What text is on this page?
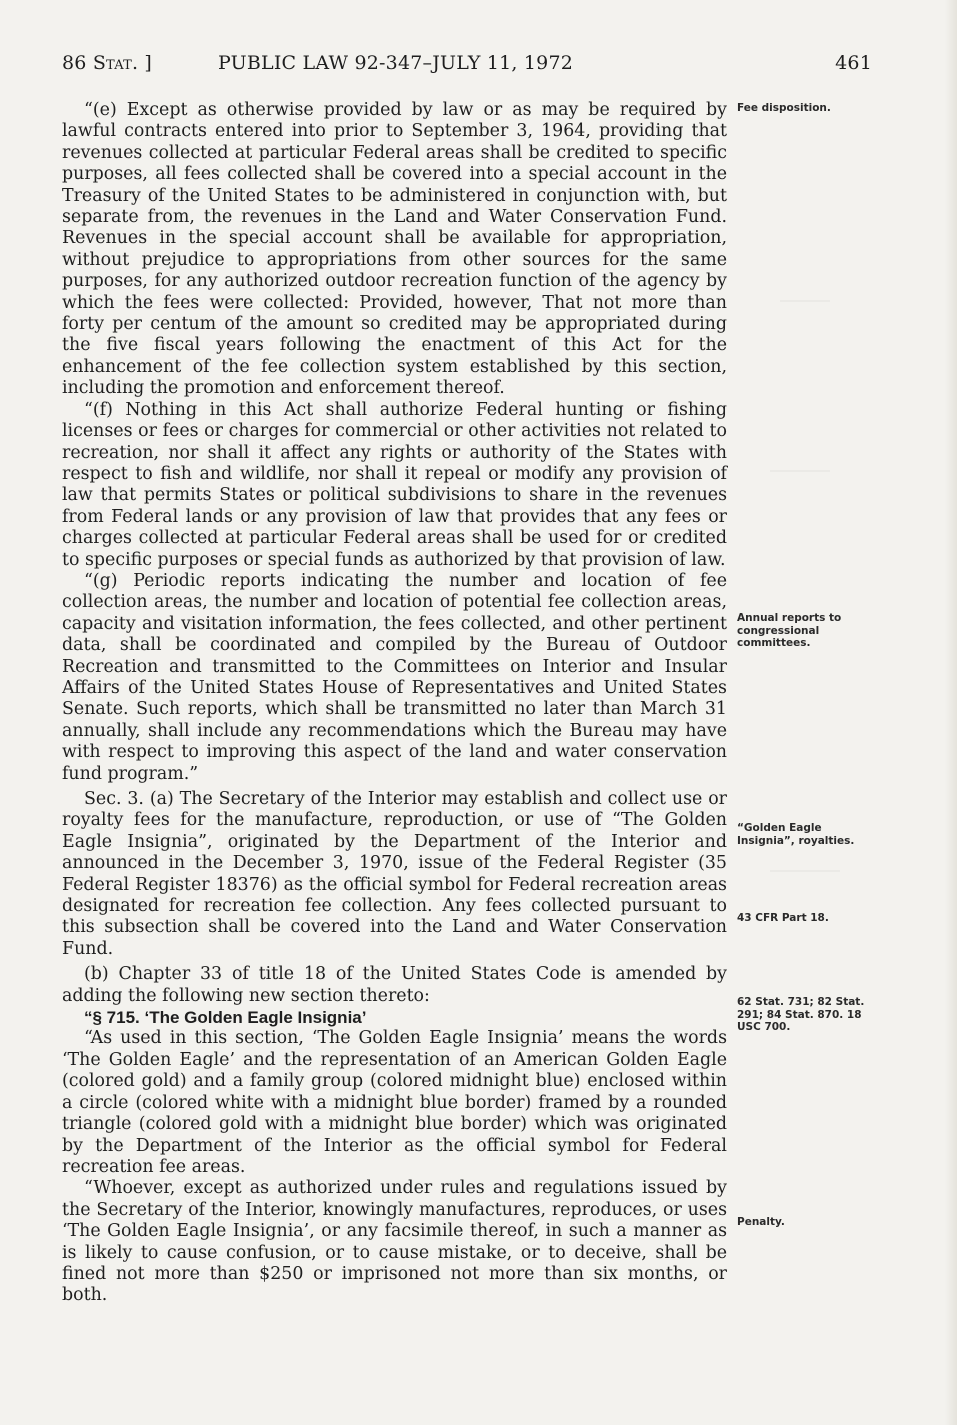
86 Stat. ]	PUBLIC LAW 92-347–JULY 11, 1972	461

“(e) Except as otherwise provided by law or as may be required by lawful contracts entered into prior to September 3, 1964, providing that revenues collected at particular Federal areas shall be credited to specific purposes, all fees collected shall be covered into a special account in the Treasury of the United States to be administered in conjunction with, but separate from, the revenues in the Land and Water Conservation Fund. Revenues in the special account shall be available for appropriation, without prejudice to appropriations from other sources for the same purposes, for any authorized outdoor recreation function of the agency by which the fees were collected: Provided, however, That not more than forty per centum of the amount so credited may be appropriated during the five fiscal years following the enactment of this Act for the enhancement of the fee collection system established by this section, including the promotion and enforcement thereof.

“(f) Nothing in this Act shall authorize Federal hunting or fishing licenses or fees or charges for commercial or other activities not related to recreation, nor shall it affect any rights or authority of the States with respect to fish and wildlife, nor shall it repeal or modify any provision of law that permits States or political subdivisions to share in the revenues from Federal lands or any provision of law that provides that any fees or charges collected at particular Federal areas shall be used for or credited to specific purposes or special funds as authorized by that provision of law.

“(g) Periodic reports indicating the number and location of fee collection areas, the number and location of potential fee collection areas, capacity and visitation information, the fees collected, and other pertinent data, shall be coordinated and compiled by the Bureau of Outdoor Recreation and transmitted to the Committees on Interior and Insular Affairs of the United States House of Representatives and United States Senate. Such reports, which shall be transmitted no later than March 31 annually, shall include any recommendations which the Bureau may have with respect to improving this aspect of the land and water conservation fund program.”

Sec. 3. (a) The Secretary of the Interior may establish and collect use or royalty fees for the manufacture, reproduction, or use of “The Golden Eagle Insignia”, originated by the Department of the Interior and announced in the December 3, 1970, issue of the Federal Register (35 Federal Register 18376) as the official symbol for Federal recreation areas designated for recreation fee collection. Any fees collected pursuant to this subsection shall be covered into the Land and Water Conservation Fund.

(b) Chapter 33 of title 18 of the United States Code is amended by adding the following new section thereto:

“§ 715. ‘The Golden Eagle Insignia’

“As used in this section, ‘The Golden Eagle Insignia’ means the words ‘The Golden Eagle’ and the representation of an American Golden Eagle (colored gold) and a family group (colored midnight blue) enclosed within a circle (colored white with a midnight blue border) framed by a rounded triangle (colored gold with a midnight blue border) which was originated by the Department of the Interior as the official symbol for Federal recreation fee areas.

“Whoever, except as authorized under rules and regulations issued by the Secretary of the Interior, knowingly manufactures, reproduces, or uses ‘The Golden Eagle Insignia’, or any facsimile thereof, in such a manner as is likely to cause confusion, or to cause mistake, or to deceive, shall be fined not more than $250 or imprisoned not more than six months, or both.

Fee disposition.
Annual reports to congressional committees.
“Golden Eagle Insignia”, royalties.
43 CFR Part 18.
62 Stat. 731; 82 Stat. 291; 84 Stat. 870. 18 USC 700.
Penalty.
